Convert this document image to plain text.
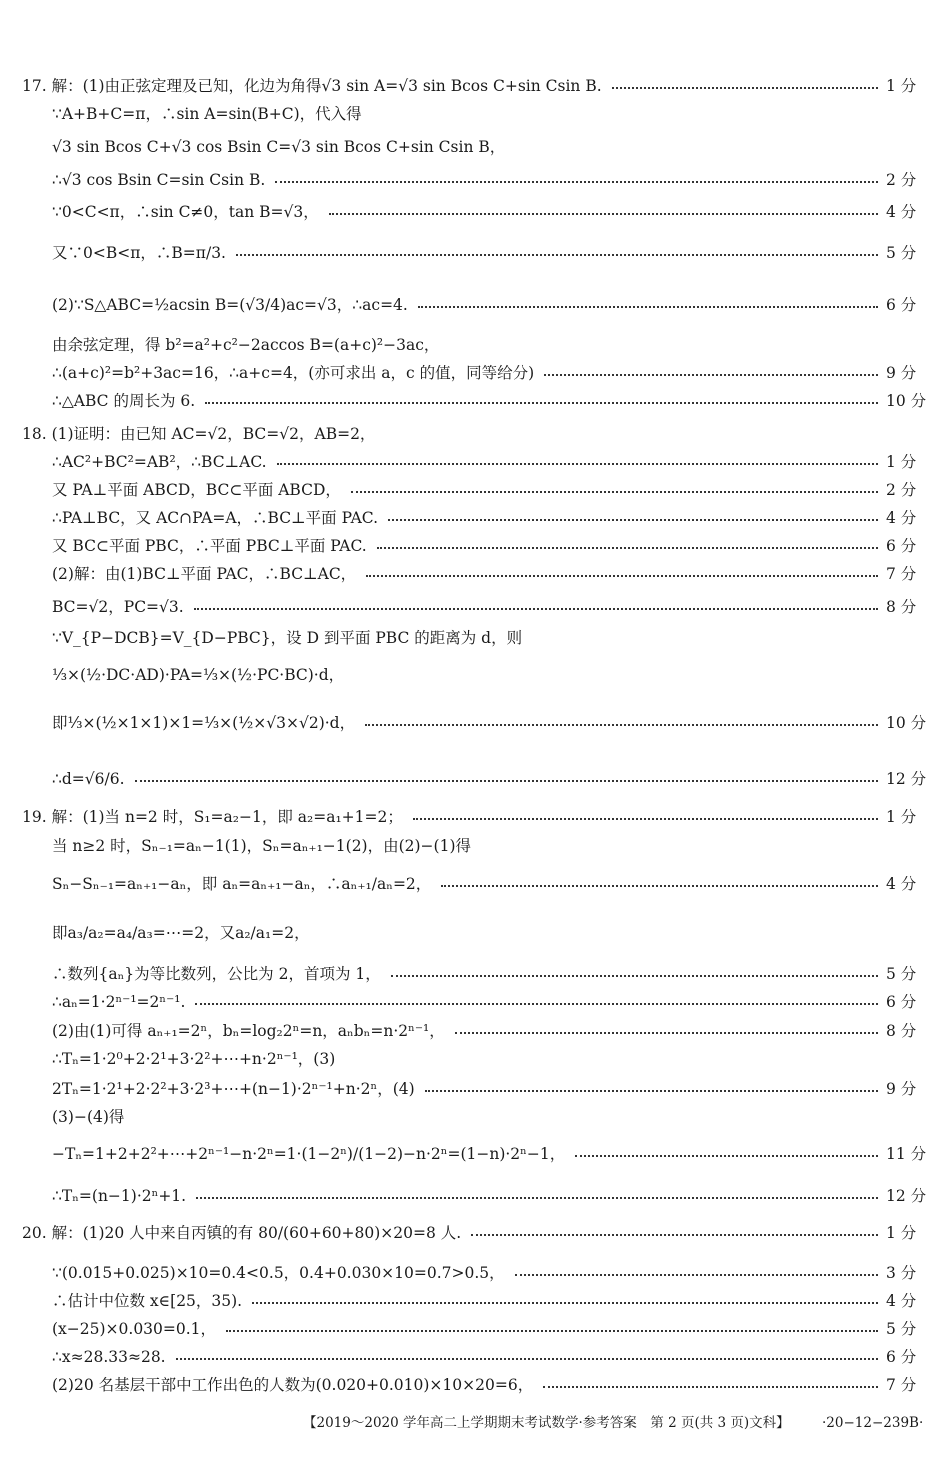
17. 解：(1)由正弦定理及已知，化边为角得√3 sin A=√3 sin Bcos C+sin Csin B.	1 分
∵A+B+C=π，∴sin A=sin(B+C)，代入得
√3 sin Bcos C+√3 cos Bsin C=√3 sin Bcos C+sin Csin B，
∴√3 cos Bsin C=sin Csin B.	2 分
∵0<C<π，∴sin C≠0，tan B=√3，	4 分
又∵0<B<π，∴B=π/3.	5 分
(2)∵S△ABC=½acsin B=(√3/4)ac=√3，∴ac=4.	6 分
由余弦定理，得 b²=a²+c²−2accos B=(a+c)²−3ac，
∴(a+c)²=b²+3ac=16，∴a+c=4，(亦可求出 a，c 的值，同等给分)	9 分
∴△ABC 的周长为 6.	10 分
18. (1)证明：由已知 AC=√2，BC=√2，AB=2，
∴AC²+BC²=AB²，∴BC⊥AC.	1 分
又 PA⊥平面 ABCD，BC⊂平面 ABCD，	2 分
∴PA⊥BC，又 AC∩PA=A，∴BC⊥平面 PAC.	4 分
又 BC⊂平面 PBC，∴平面 PBC⊥平面 PAC.	6 分
(2)解：由(1)BC⊥平面 PAC，∴BC⊥AC，	7 分
BC=√2，PC=√3.	8 分
∵V_{P−DCB}=V_{D−PBC}，设 D 到平面 PBC 的距离为 d，则
⅓×(½·DC·AD)·PA=⅓×(½·PC·BC)·d，
即⅓×(½×1×1)×1=⅓×(½×√3×√2)·d，	10 分
∴d=√6/6.	12 分
19. 解：(1)当 n=2 时，S₁=a₂−1，即 a₂=a₁+1=2；	1 分
当 n≥2 时，Sₙ₋₁=aₙ−1(1)，Sₙ=aₙ₊₁−1(2)，由(2)−(1)得
Sₙ−Sₙ₋₁=aₙ₊₁−aₙ，即 aₙ=aₙ₊₁−aₙ，∴aₙ₊₁/aₙ=2，	4 分
即a₃/a₂=a₄/a₃=⋯=2，又a₂/a₁=2，
∴数列{aₙ}为等比数列，公比为 2，首项为 1，	5 分
∴aₙ=1·2ⁿ⁻¹=2ⁿ⁻¹.	6 分
(2)由(1)可得 aₙ₊₁=2ⁿ，bₙ=log₂2ⁿ=n，aₙbₙ=n·2ⁿ⁻¹，	8 分
∴Tₙ=1·2⁰+2·2¹+3·2²+⋯+n·2ⁿ⁻¹，(3)
2Tₙ=1·2¹+2·2²+3·2³+⋯+(n−1)·2ⁿ⁻¹+n·2ⁿ，(4)	9 分
(3)−(4)得
−Tₙ=1+2+2²+⋯+2ⁿ⁻¹−n·2ⁿ=1·(1−2ⁿ)/(1−2)−n·2ⁿ=(1−n)·2ⁿ−1，	11 分
∴Tₙ=(n−1)·2ⁿ+1.	12 分
20. 解：(1)20 人中来自丙镇的有 80/(60+60+80)×20=8 人.	1 分
∵(0.015+0.025)×10=0.4<0.5，0.4+0.030×10=0.7>0.5，	3 分
∴估计中位数 x∈[25，35).	4 分
(x−25)×0.030=0.1，	5 分
∴x≈28.33≈28.	6 分
(2)20 名基层干部中工作出色的人数为(0.020+0.010)×10×20=6，	7 分
【2019～2020 学年高二上学期期末考试数学·参考答案　第 2 页(共 3 页)文科】 ·20−12−239B·
